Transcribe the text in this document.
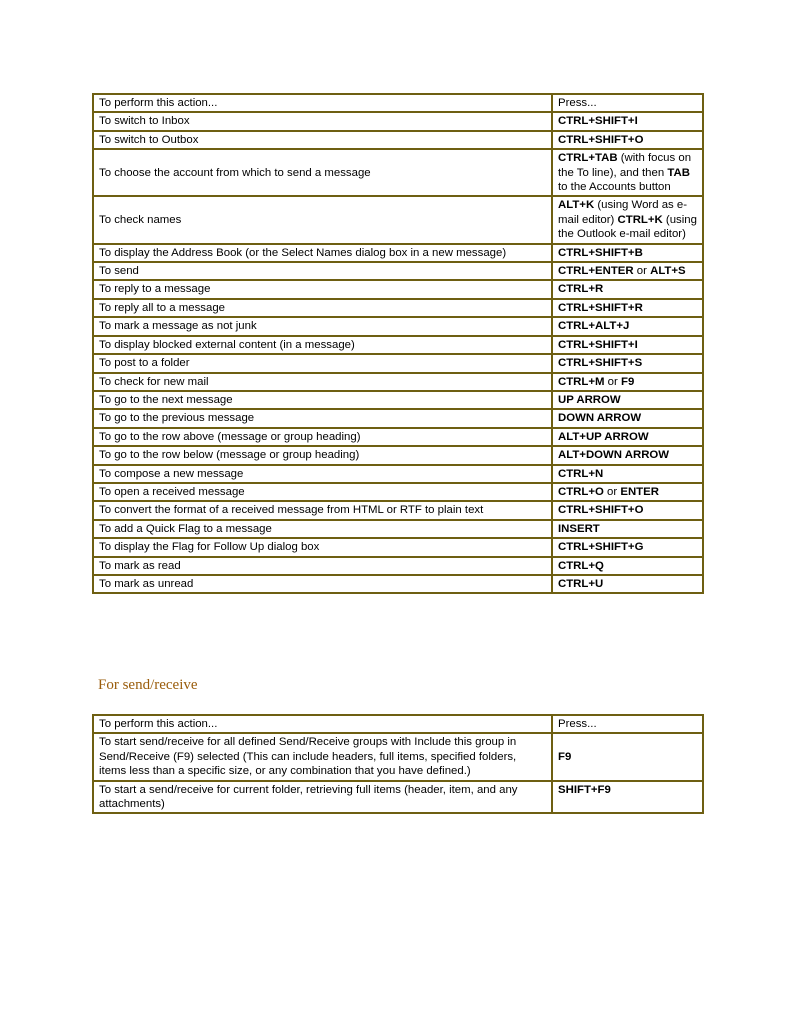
To perform this action...	Press...
To switch to Inbox	CTRL+SHIFT+I
To switch to Outbox	CTRL+SHIFT+O
To choose the account from which to send a message	CTRL+TAB (with focus on the To line), and then TAB to the Accounts button
To check names	ALT+K (using Word as e-mail editor) CTRL+K (using the Outlook e-mail editor)
To display the Address Book (or the Select Names dialog box in a new message)	CTRL+SHIFT+B
To send	CTRL+ENTER or ALT+S
To reply to a message	CTRL+R
To reply all to a message	CTRL+SHIFT+R
To mark a message as not junk	CTRL+ALT+J
To display blocked external content (in a message)	CTRL+SHIFT+I
To post to a folder	CTRL+SHIFT+S
To check for new mail	CTRL+M or F9
To go to the next message	UP ARROW
To go to the previous message	DOWN ARROW
To go to the row above (message or group heading)	ALT+UP ARROW
To go to the row below (message or group heading)	ALT+DOWN ARROW
To compose a new message	CTRL+N
To open a received message	CTRL+O or ENTER
To convert the format of a received message from HTML or RTF to plain text	CTRL+SHIFT+O
To add a Quick Flag to a message	INSERT
To display the Flag for Follow Up dialog box	CTRL+SHIFT+G
To mark as read	CTRL+Q
To mark as unread	CTRL+U
For send/receive
To perform this action...	Press...
To start send/receive for all defined Send/Receive groups with Include this group in Send/Receive (F9) selected (This can include headers, full items, specified folders, items less than a specific size, or any combination that you have defined.)	F9
To start a send/receive for current folder, retrieving full items (header, item, and any attachments)	SHIFT+F9
